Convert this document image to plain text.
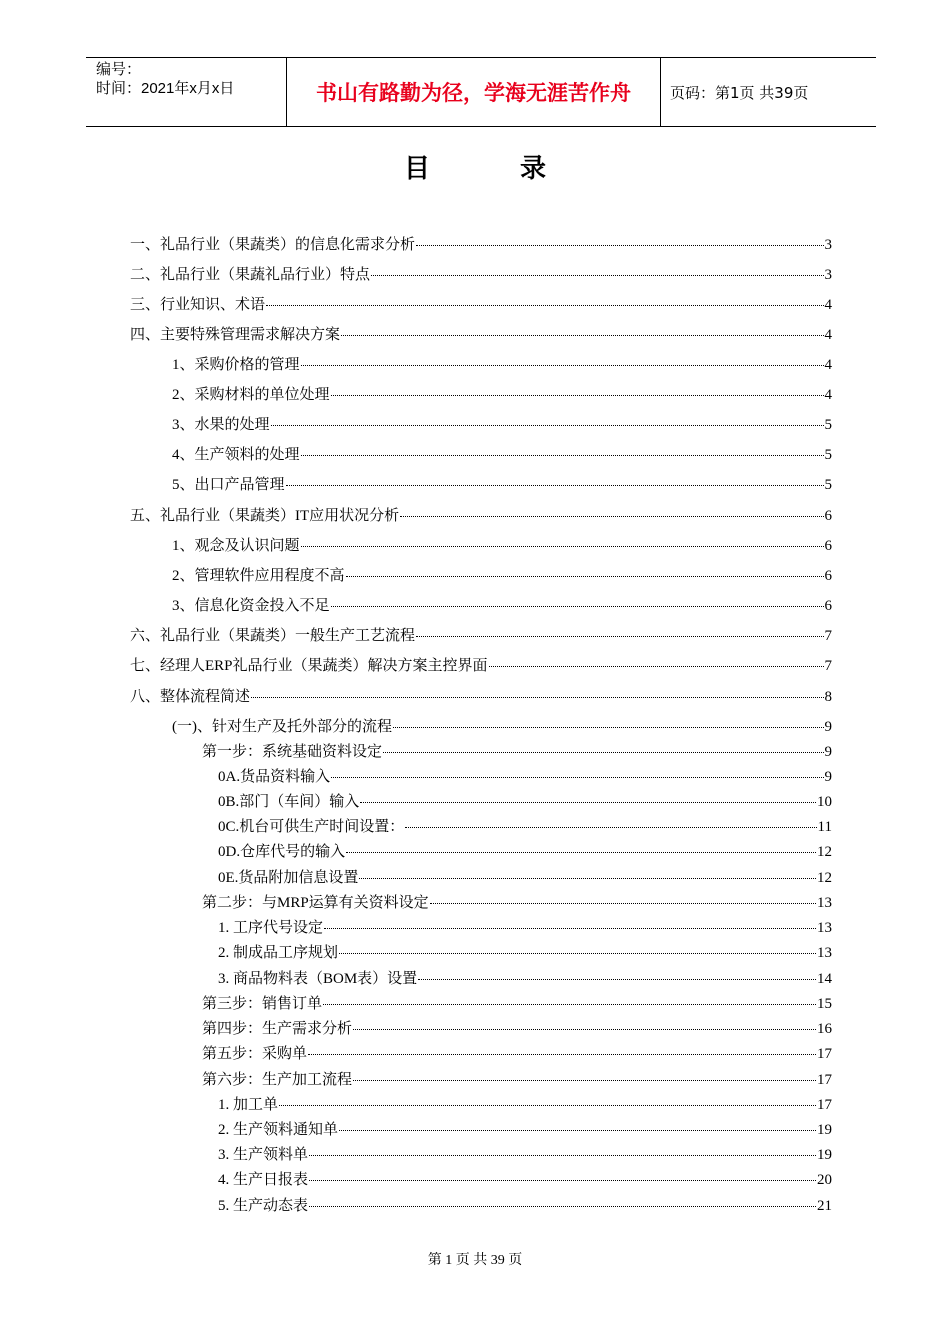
编号：
时间：2021年x月x日	书山有路勤为径，学海无涯苦作舟	页码：第1页 共39页
目	录
一、礼品行业（果蔬类）的信息化需求分析	3
二、礼品行业（果蔬礼品行业）特点	3
三、行业知识、术语	4
四、主要特殊管理需求解决方案	4
1、采购价格的管理	4
2、采购材料的单位处理	4
3、水果的处理	5
4、生产领料的处理	5
5、出口产品管理	5
五、礼品行业（果蔬类）IT应用状况分析	6
1、观念及认识问题	6
2、管理软件应用程度不高	6
3、信息化资金投入不足	6
六、礼品行业（果蔬类）一般生产工艺流程	7
七、经理人ERP礼品行业（果蔬类）解决方案主控界面	7
八、整体流程简述	8
(一)、针对生产及托外部分的流程	9
第一步：系统基础资料设定	9
0A.货品资料输入	9
0B.部门（车间）输入	10
0C.机台可供生产时间设置：	11
0D.仓库代号的输入	12
0E.货品附加信息设置	12
第二步：与MRP运算有关资料设定	13
1. 工序代号设定	13
2. 制成品工序规划	13
3. 商品物料表（BOM表）设置	14
第三步：销售订单	15
第四步：生产需求分析	16
第五步：采购单	17
第六步：生产加工流程	17
1. 加工单	17
2. 生产领料通知单	19
3. 生产领料单	19
4. 生产日报表	20
5. 生产动态表	21
第 1 页 共 39 页
